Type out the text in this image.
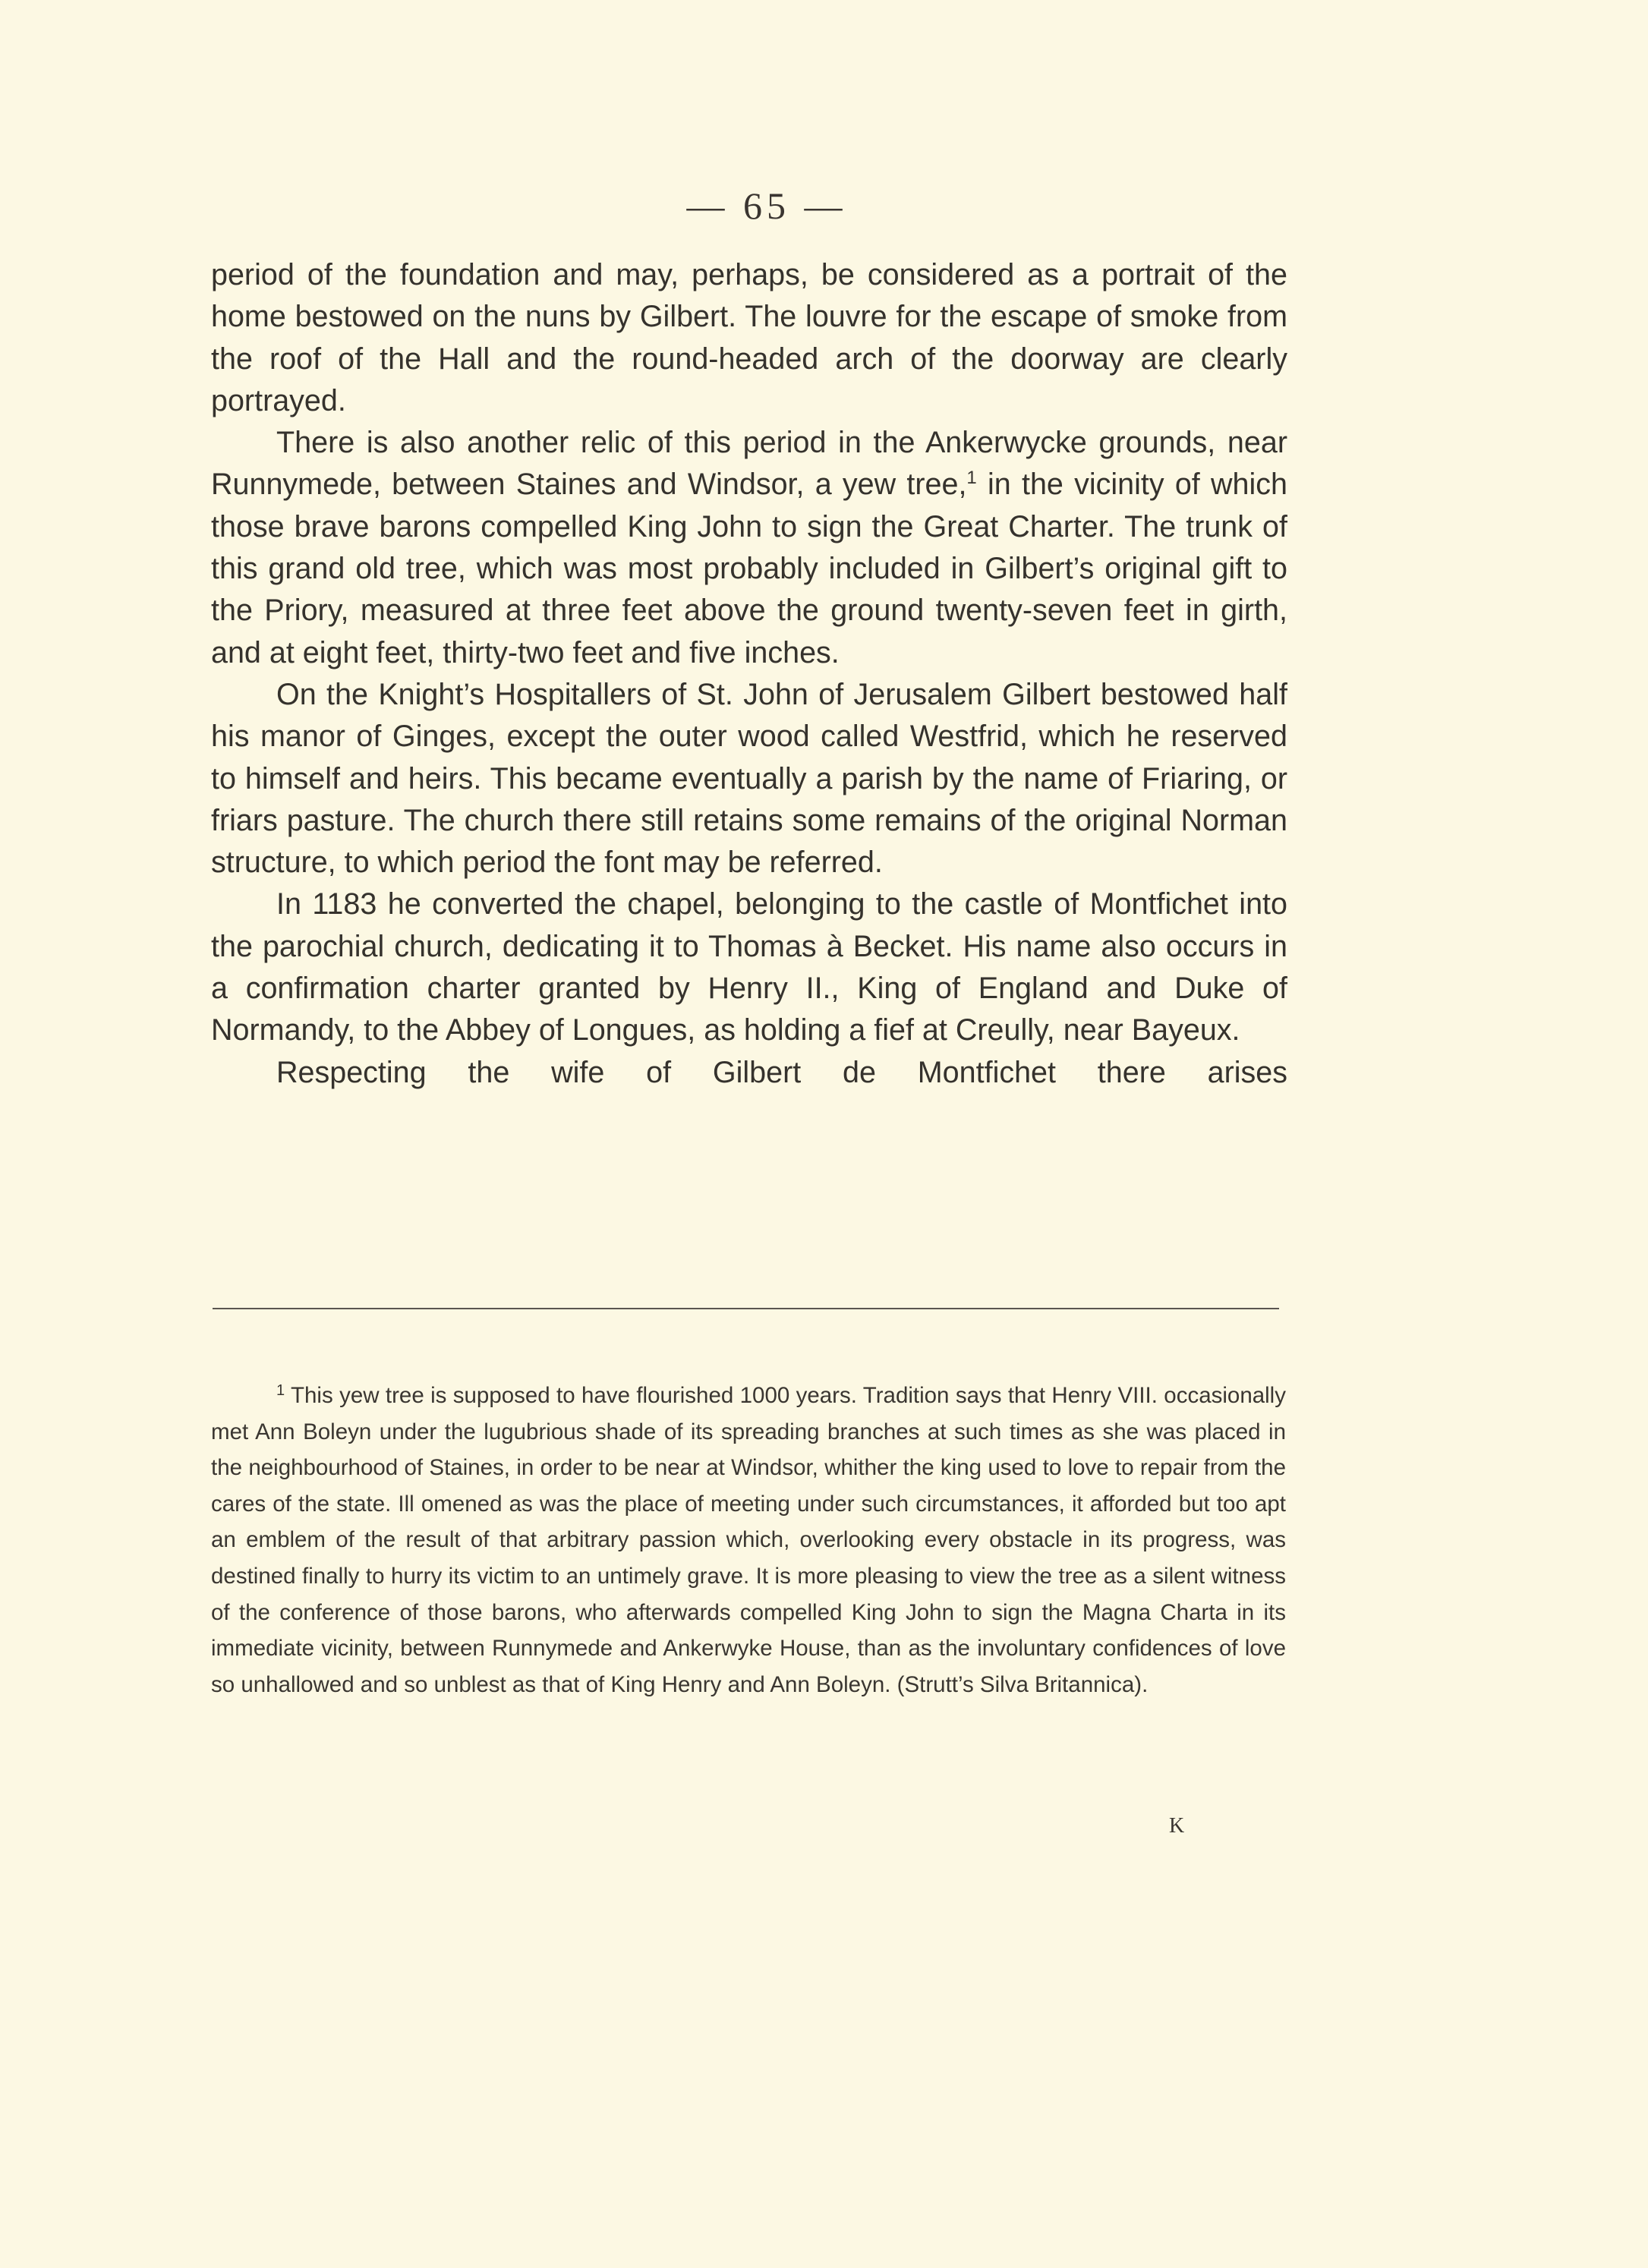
— 65 —

period of the foundation and may, perhaps, be considered as a portrait of the home bestowed on the nuns by Gilbert. The louvre for the escape of smoke from the roof of the Hall and the round-headed arch of the doorway are clearly portrayed.

There is also another relic of this period in the Ankerwycke grounds, near Runnymede, between Staines and Windsor, a yew tree,$^1$ in the vicinity of which those brave barons compelled King John to sign the Great Charter. The trunk of this grand old tree, which was most probably included in Gilbert’s original gift to the Priory, measured at three feet above the ground twenty-seven feet in girth, and at eight feet, thirty-two feet and five inches.

On the Knight’s Hospitallers of St. John of Jerusalem Gilbert bestowed half his manor of Ginges, except the outer wood called Westfrid, which he reserved to himself and heirs. This became eventually a parish by the name of Friaring, or friars pasture. The church there still retains some remains of the original Norman structure, to which period the font may be referred.

In 1183 he converted the chapel, belonging to the castle of Montfichet into the parochial church, dedicating it to Thomas à Becket. His name also occurs in a confirmation charter granted by Henry II., King of England and Duke of Normandy, to the Abbey of Longues, as holding a fief at Creully, near Bayeux.

Respecting the wife of Gilbert de Montfichet there arises

$^1$ This yew tree is supposed to have flourished 1000 years. Tradition says that Henry VIII. occasionally met Ann Boleyn under the lugubrious shade of its spreading branches at such times as she was placed in the neighbourhood of Staines, in order to be near at Windsor, whither the king used to love to repair from the cares of the state. Ill omened as was the place of meeting under such circumstances, it afforded but too apt an emblem of the result of that arbitrary passion which, overlooking every obstacle in its progress, was destined finally to hurry its victim to an untimely grave. It is more pleasing to view the tree as a silent witness of the conference of those barons, who afterwards compelled King John to sign the Magna Charta in its immediate vicinity, between Runnymede and Ankerwyke House, than as the involuntary confidences of love so unhallowed and so unblest as that of King Henry and Ann Boleyn. (Strutt’s Silva Britannica).
K
